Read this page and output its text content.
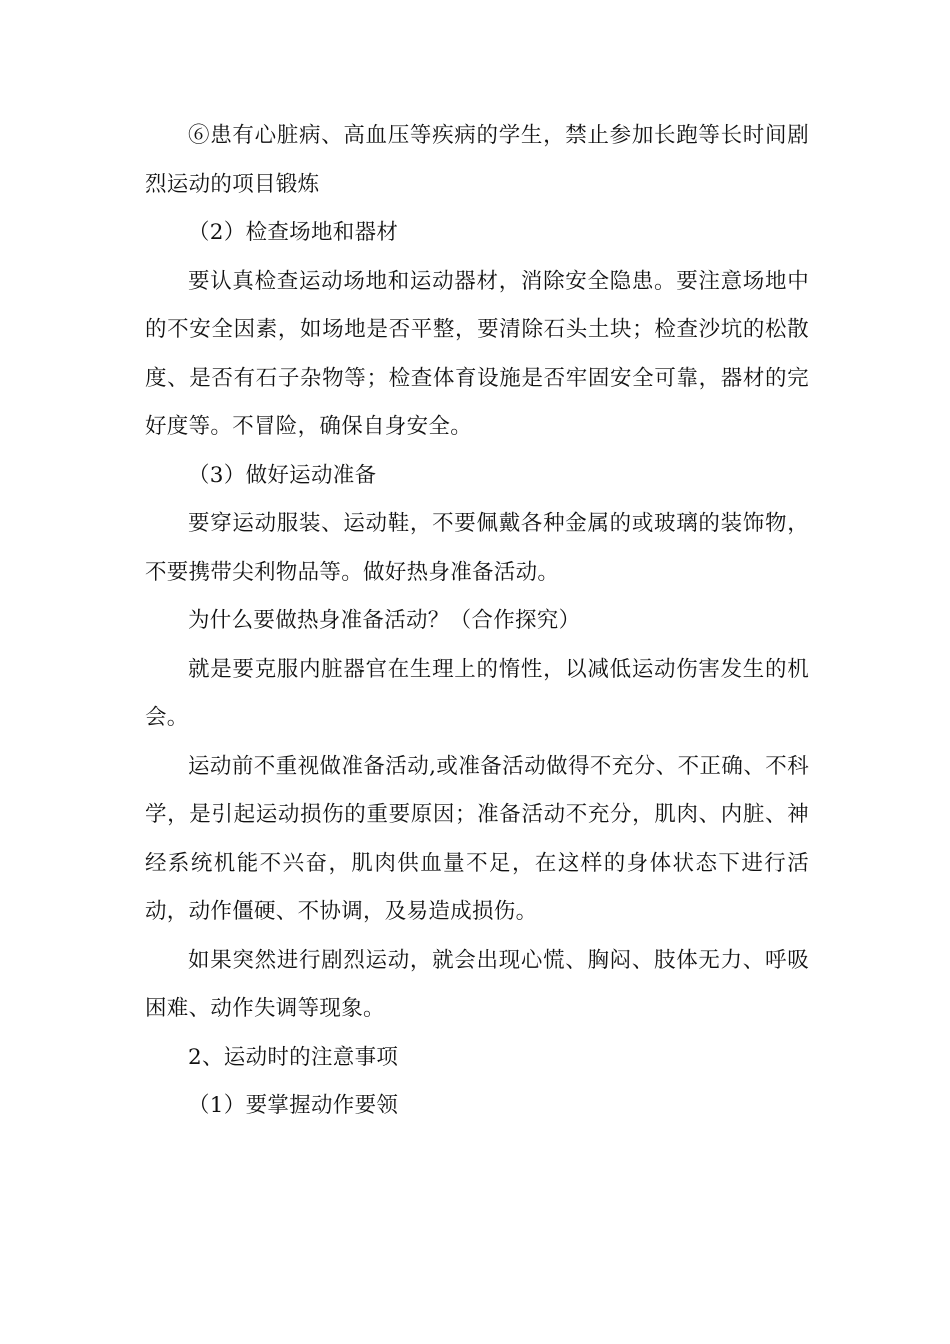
⑥患有心脏病、高血压等疾病的学生，禁止参加长跑等长时间剧烈运动的项目锻炼

（2）检查场地和器材

要认真检查运动场地和运动器材，消除安全隐患。要注意场地中的不安全因素，如场地是否平整，要清除石头土块；检查沙坑的松散度、是否有石子杂物等；检查体育设施是否牢固安全可靠，器材的完好度等。不冒险，确保自身安全。

（3）做好运动准备

要穿运动服装、运动鞋，不要佩戴各种金属的或玻璃的装饰物，不要携带尖利物品等。做好热身准备活动。

为什么要做热身准备活动？（合作探究）

就是要克服内脏器官在生理上的惰性，以减低运动伤害发生的机会。

运动前不重视做准备活动,或准备活动做得不充分、不正确、不科学，是引起运动损伤的重要原因；准备活动不充分，肌肉、内脏、神经系统机能不兴奋，肌肉供血量不足，在这样的身体状态下进行活动，动作僵硬、不协调，及易造成损伤。

如果突然进行剧烈运动，就会出现心慌、胸闷、肢体无力、呼吸困难、动作失调等现象。

2、运动时的注意事项

（1）要掌握动作要领
